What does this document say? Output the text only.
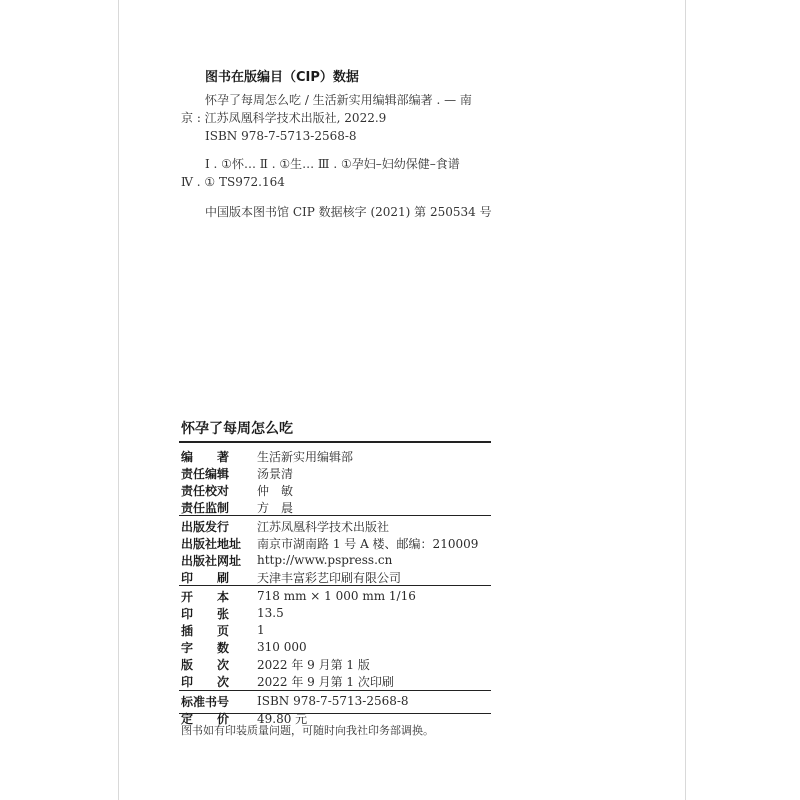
图书在版编目（CIP）数据
怀孕了每周怎么吃 / 生活新实用编辑部编著 . — 南
京 : 江苏凤凰科学技术出版社, 2022.9
ISBN 978-7-5713-2568-8
Ⅰ . ①怀… Ⅱ . ①生… Ⅲ . ①孕妇–妇幼保健–食谱
Ⅳ . ① TS972.164
中国版本图书馆 CIP 数据核字 (2021) 第 250534 号
怀孕了每周怎么吃
编　　著	生活新实用编辑部
责任编辑	汤景清
责任校对	仲　敏
责任监制	方　晨
出版发行	江苏凤凰科学技术出版社
出版社地址 南京市湖南路 1 号 A 楼、邮编：210009
出版社网址 http://www.pspress.cn
印　　刷	天津丰富彩艺印刷有限公司
开　　本	718 mm × 1 000 mm 1/16
印　　张	13.5
插　　页	1
字　　数	310 000
版　　次	2022 年 9 月第 1 版
印　　次	2022 年 9 月第 1 次印刷
标准书号	ISBN 978-7-5713-2568-8
定　　价	49.80 元
图书如有印装质量问题，可随时向我社印务部调换。
